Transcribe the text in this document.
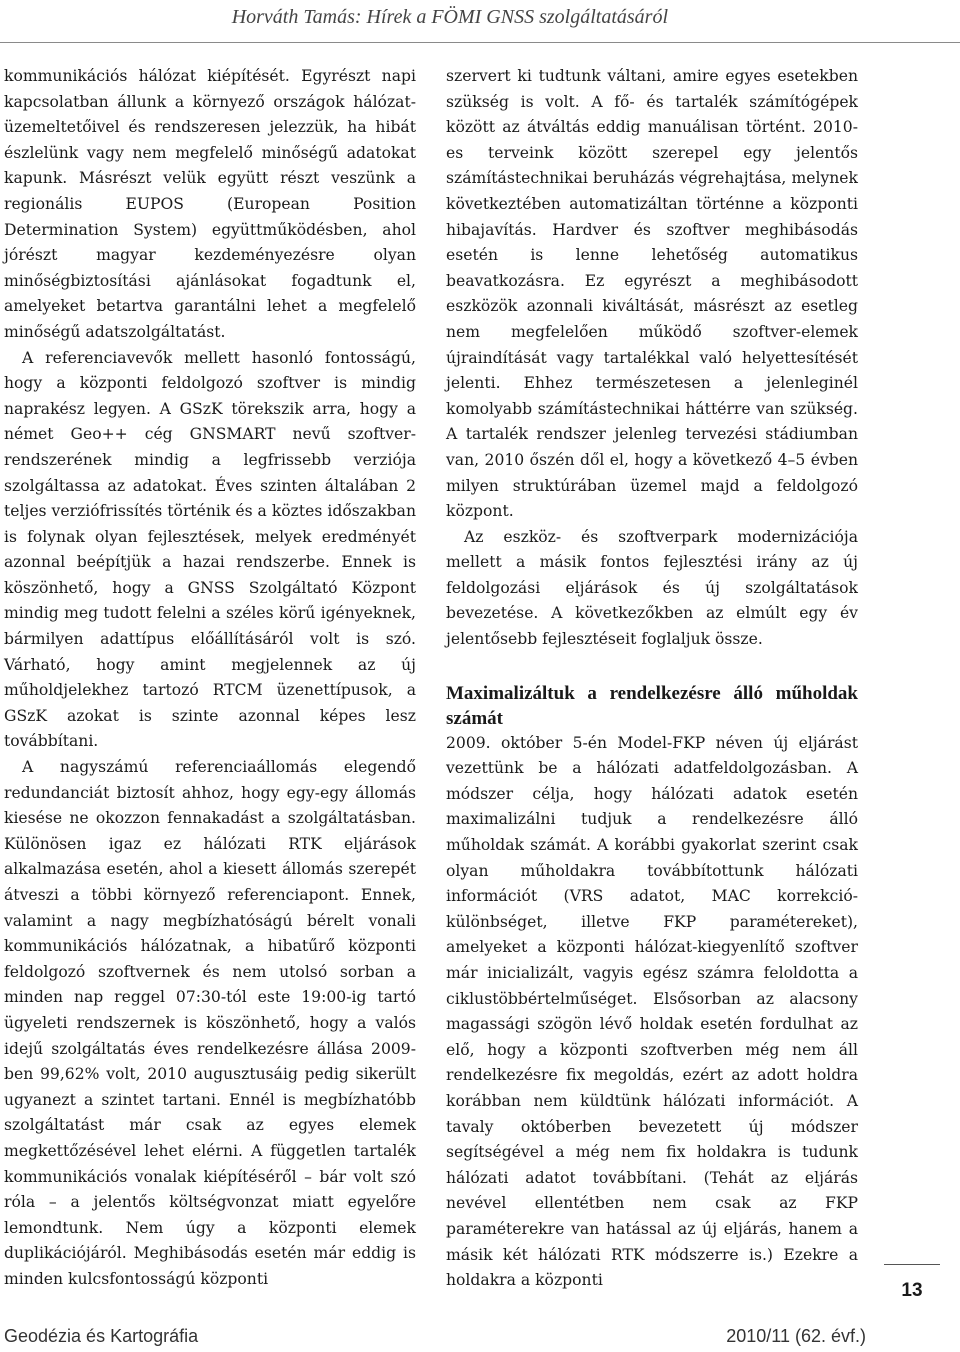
Horváth Tamás: Hírek a FÖMI GNSS szolgáltatásáról

kommunikációs hálózat kiépítését. Egyrészt napi kapcsolatban állunk a környező országok hálózat-üzemeltetőivel és rendszeresen jelezzük, ha hibát észlelünk vagy nem megfelelő minőségű adatokat kapunk. Másrészt velük együtt részt veszünk a regionális EUPOS (European Position Determination System) együttműködésben, ahol jórészt magyar kezdeményezésre olyan minőségbiztosítási ajánlásokat fogadtunk el, amelyeket betartva garantálni lehet a megfelelő minőségű adatszolgáltatást.

A referenciavevők mellett hasonló fontosságú, hogy a központi feldolgozó szoftver is mindig naprakész legyen. A GSzK törekszik arra, hogy a német Geo++ cég GNSMART nevű szoftver-rendszerének mindig a legfrissebb verziója szolgáltassa az adatokat. Éves szinten általában 2 teljes verziófrissítés történik és a köztes időszakban is folynak olyan fejlesztések, melyek eredményét azonnal beépítjük a hazai rendszerbe. Ennek is köszönhető, hogy a GNSS Szolgáltató Központ mindig meg tudott felelni a széles körű igényeknek, bármilyen adattípus előállításáról volt is szó. Várható, hogy amint megjelennek az új műholdjelekhez tartozó RTCM üzenettípusok, a GSzK azokat is szinte azonnal képes lesz továbbítani.

A nagyszámú referenciaállomás elegendő redundanciát biztosít ahhoz, hogy egy-egy állomás kiesése ne okozzon fennakadást a szolgáltatásban. Különösen igaz ez hálózati RTK eljárások alkalmazása esetén, ahol a kiesett állomás szerepét átveszi a többi környező referenciapont. Ennek, valamint a nagy megbízhatóságú bérelt vonali kommunikációs hálózatnak, a hibatűrő központi feldolgozó szoftvernek és nem utolsó sorban a minden nap reggel 07:30-tól este 19:00-ig tartó ügyeleti rendszernek is köszönhető, hogy a valós idejű szolgáltatás éves rendelkezésre állása 2009-ben 99,62% volt, 2010 augusztusáig pedig sikerült ugyanezt a szintet tartani. Ennél is megbízhatóbb szolgáltatást már csak az egyes elemek megkettőzésével lehet elérni. A független tartalék kommunikációs vonalak kiépítéséről – bár volt szó róla – a jelentős költségvonzat miatt egyelőre lemondtunk. Nem úgy a központi elemek duplikációjáról. Meghibásodás esetén már eddig is minden kulcsfontosságú központi

szervert ki tudtunk váltani, amire egyes esetekben szükség is volt. A fő- és tartalék számítógépek között az átváltás eddig manuálisan történt. 2010-es terveink között szerepel egy jelentős számítástechnikai beruházás végrehajtása, melynek következtében automatizáltan történne a központi hibajavítás. Hardver és szoftver meghibásodás esetén is lenne lehetőség automatikus beavatkozásra. Ez egyrészt a meghibásodott eszközök azonnali kiváltását, másrészt az esetleg nem megfelelően működő szoftver-elemek újraindítását vagy tartalékkal való helyettesítését jelenti. Ehhez természetesen a jelenleginél komolyabb számítástechnikai háttérre van szükség. A tartalék rendszer jelenleg tervezési stádiumban van, 2010 őszén dől el, hogy a következő 4–5 évben milyen struktúrában üzemel majd a feldolgozó központ.

Az eszköz- és szoftverpark modernizációja mellett a másik fontos fejlesztési irány az új feldolgozási eljárások és új szolgáltatások bevezetése. A következőkben az elmúlt egy év jelentősebb fejlesztéseit foglaljuk össze.

Maximalizáltuk a rendelkezésre álló műholdak számát

2009. október 5-én Model-FKP néven új eljárást vezettünk be a hálózati adatfeldolgozásban. A módszer célja, hogy hálózati adatok esetén maximalizálni tudjuk a rendelkezésre álló műholdak számát. A korábbi gyakorlat szerint csak olyan műholdakra továbbítottunk hálózati információt (VRS adatot, MAC korrekció-különbséget, illetve FKP paramétereket), amelyeket a központi hálózat-kiegyenlítő szoftver már inicializált, vagyis egész számra feloldotta a ciklustöbbértelműséget. Elsősorban az alacsony magassági szögön lévő holdak esetén fordulhat az elő, hogy a központi szoftverben még nem áll rendelkezésre fix megoldás, ezért az adott holdra korábban nem küldtünk hálózati információt. A tavaly októberben bevezetett új módszer segítségével a még nem fix holdakra is tudunk hálózati adatot továbbítani. (Tehát az eljárás nevével ellentétben nem csak az FKP paraméterekre van hatással az új eljárás, hanem a másik két hálózati RTK módszerre is.) Ezekre a holdakra a központi	13
Geodézia és Kartográfia	2010/11 (62. évf.)
